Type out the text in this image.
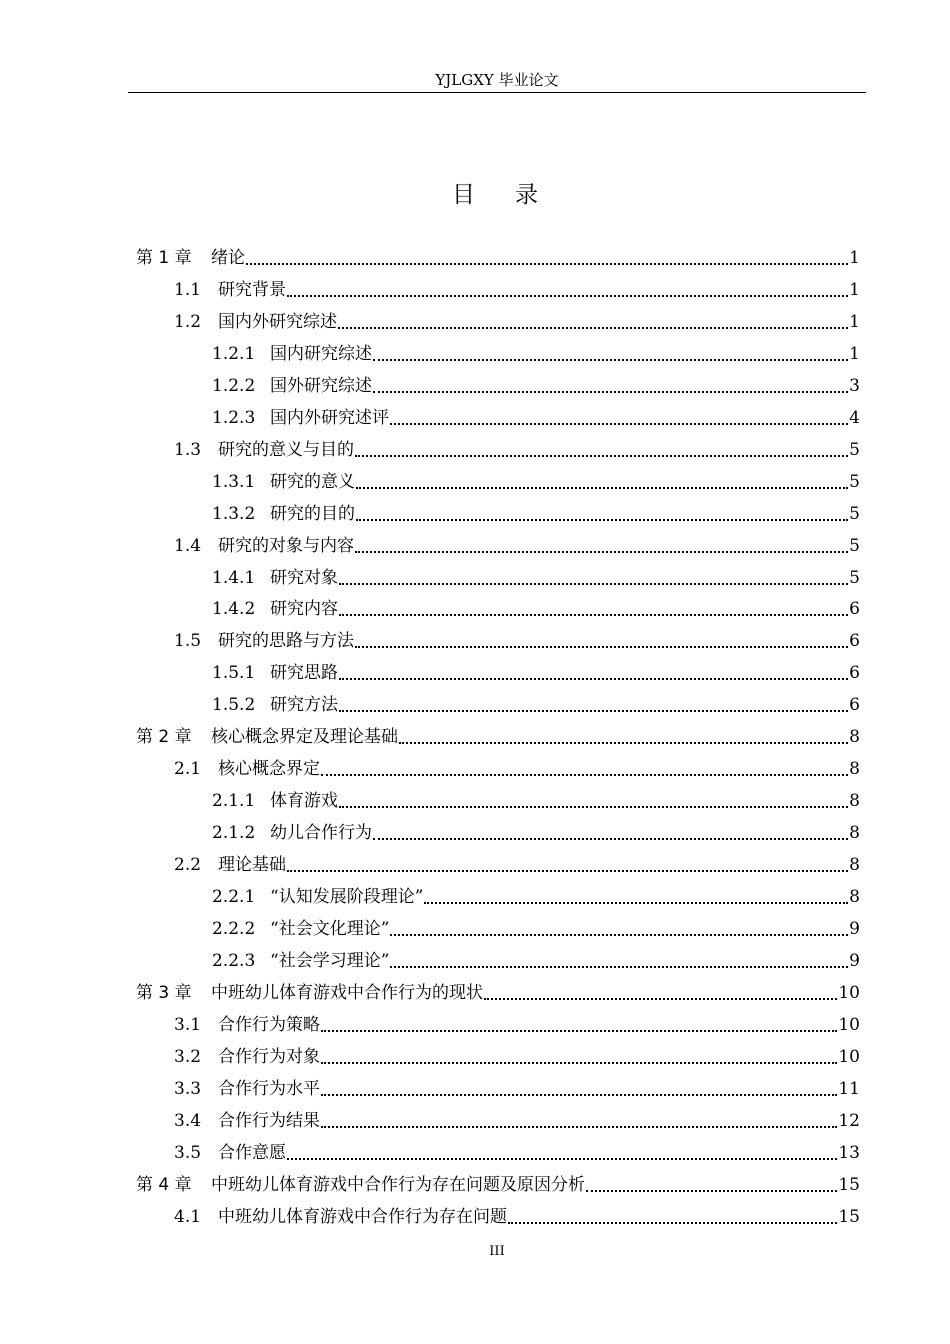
YJLGXY 毕业论文
目 录
第 1 章	绪论	1
1.1 研究背景	1
1.2 国内外研究综述	1
1.2.1 国内研究综述	1
1.2.2 国外研究综述	3
1.2.3 国内外研究述评	4
1.3 研究的意义与目的	5
1.3.1 研究的意义	5
1.3.2 研究的目的	5
1.4 研究的对象与内容	5
1.4.1 研究对象	5
1.4.2 研究内容	6
1.5 研究的思路与方法	6
1.5.1 研究思路	6
1.5.2 研究方法	6
第 2 章	核心概念界定及理论基础	8
2.1 核心概念界定	8
2.1.1 体育游戏	8
2.1.2 幼儿合作行为	8
2.2 理论基础	8
2.2.1 “认知发展阶段理论”	8
2.2.2 “社会文化理论”	9
2.2.3 “社会学习理论”	9
第 3 章	中班幼儿体育游戏中合作行为的现状	10
3.1 合作行为策略	10
3.2 合作行为对象	10
3.3 合作行为水平	11
3.4 合作行为结果	12
3.5 合作意愿	13
第 4 章	中班幼儿体育游戏中合作行为存在问题及原因分析	15
4.1 中班幼儿体育游戏中合作行为存在问题	15
III
